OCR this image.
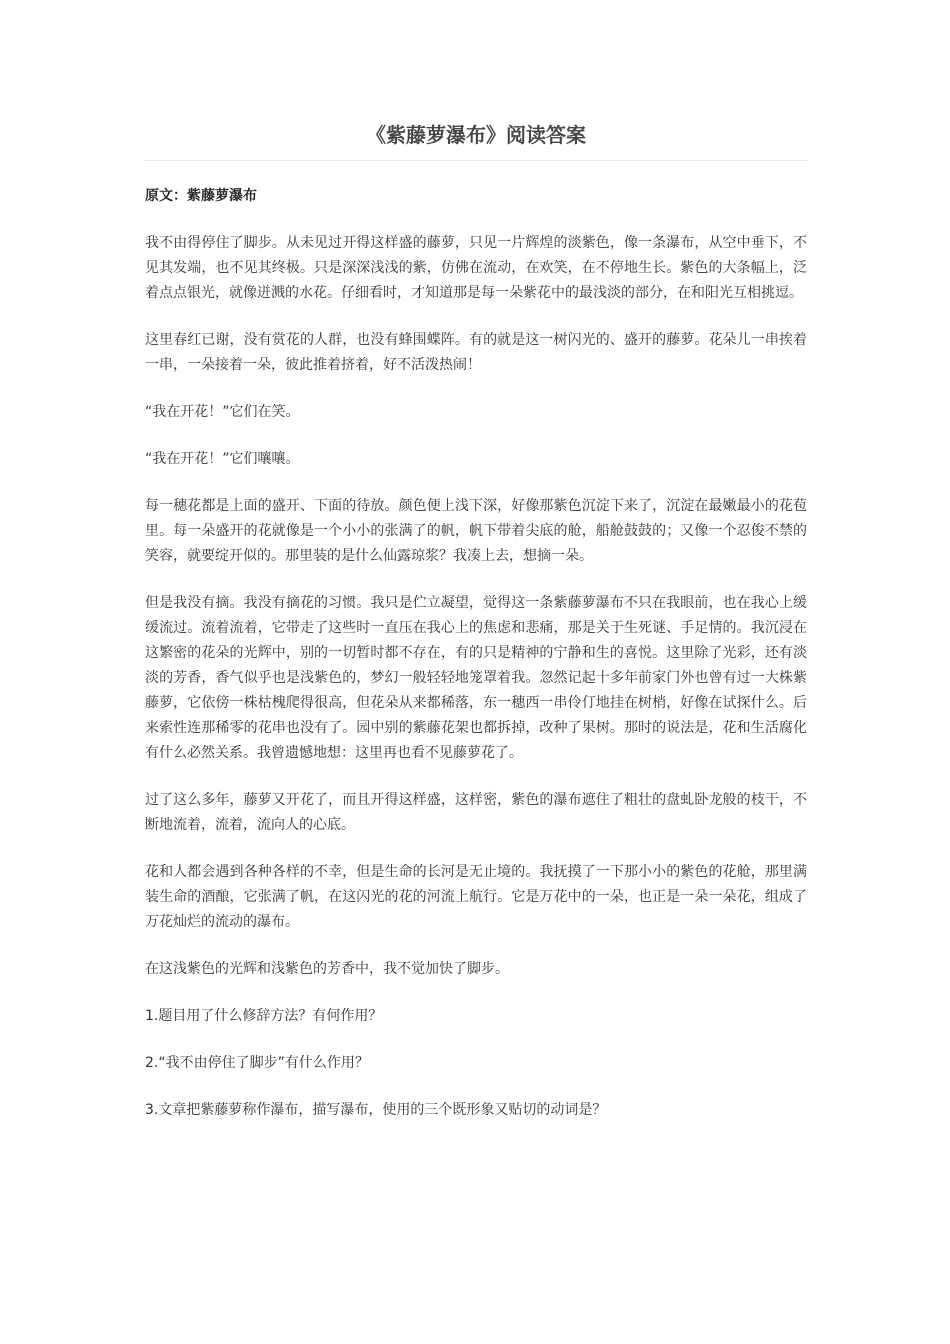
《紫藤萝瀑布》阅读答案

原文：紫藤萝瀑布

我不由得停住了脚步。从未见过开得这样盛的藤萝，只见一片辉煌的淡紫色，像一条瀑布，从空中垂下，不见其发端，也不见其终极。只是深深浅浅的紫，仿佛在流动，在欢笑，在不停地生长。紫色的大条幅上，泛着点点银光，就像迸溅的水花。仔细看时，才知道那是每一朵紫花中的最浅淡的部分，在和阳光互相挑逗。

这里春红已谢，没有赏花的人群，也没有蜂围蝶阵。有的就是这一树闪光的、盛开的藤萝。花朵儿一串挨着一串，一朵接着一朵，彼此推着挤着，好不活泼热闹！

“我在开花！”它们在笑。

“我在开花！”它们嚷嚷。

每一穗花都是上面的盛开、下面的待放。颜色便上浅下深，好像那紫色沉淀下来了，沉淀在最嫩最小的花苞里。每一朵盛开的花就像是一个小小的张满了的帆，帆下带着尖底的舱，船舱鼓鼓的；又像一个忍俊不禁的笑容，就要绽开似的。那里装的是什么仙露琼浆？我凑上去，想摘一朵。

但是我没有摘。我没有摘花的习惯。我只是伫立凝望，觉得这一条紫藤萝瀑布不只在我眼前，也在我心上缓缓流过。流着流着，它带走了这些时一直压在我心上的焦虑和悲痛，那是关于生死谜、手足情的。我沉浸在这繁密的花朵的光辉中，别的一切暂时都不存在，有的只是精神的宁静和生的喜悦。这里除了光彩，还有淡淡的芳香，香气似乎也是浅紫色的，梦幻一般轻轻地笼罩着我。忽然记起十多年前家门外也曾有过一大株紫藤萝，它依傍一株枯槐爬得很高，但花朵从来都稀落，东一穗西一串伶仃地挂在树梢，好像在试探什么。后来索性连那稀零的花串也没有了。园中别的紫藤花架也都拆掉，改种了果树。那时的说法是，花和生活腐化有什么必然关系。我曾遗憾地想：这里再也看不见藤萝花了。

过了这么多年，藤萝又开花了，而且开得这样盛，这样密，紫色的瀑布遮住了粗壮的盘虬卧龙般的枝干，不断地流着，流着，流向人的心底。

花和人都会遇到各种各样的不幸，但是生命的长河是无止境的。我抚摸了一下那小小的紫色的花舱，那里满装生命的酒酿，它张满了帆，在这闪光的花的河流上航行。它是万花中的一朵，也正是一朵一朵花，组成了万花灿烂的流动的瀑布。

在这浅紫色的光辉和浅紫色的芳香中，我不觉加快了脚步。

1.题目用了什么修辞方法？有何作用？

2.“我不由停住了脚步”有什么作用？

3.文章把紫藤萝称作瀑布，描写瀑布，使用的三个既形象又贴切的动词是？
